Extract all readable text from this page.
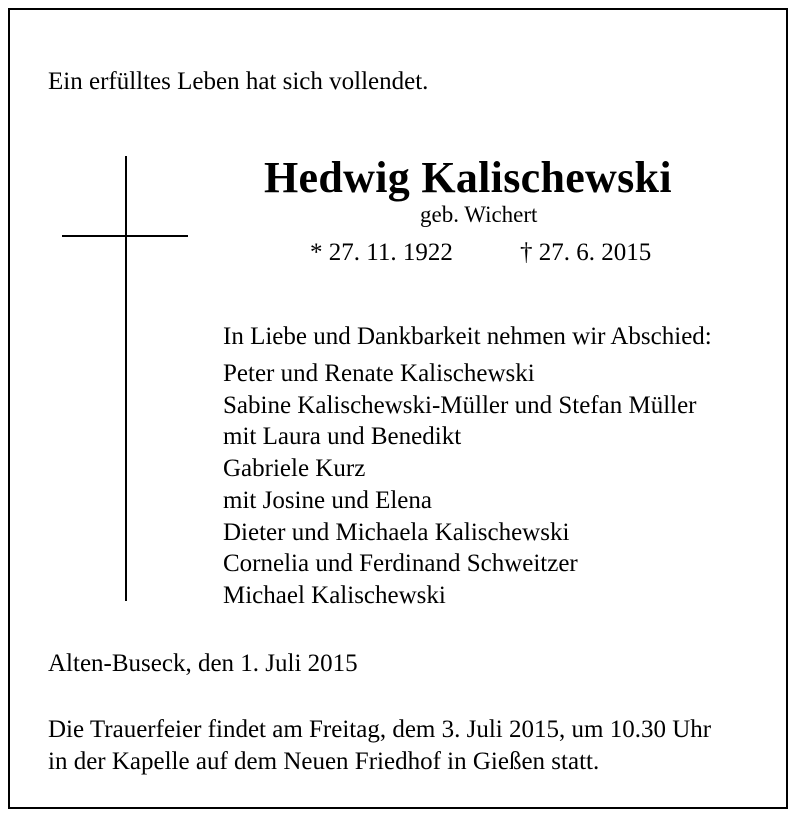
Ein erfülltes Leben hat sich vollendet.
Hedwig Kalischewski
geb. Wichert
* 27. 11. 1922	† 27. 6. 2015
In Liebe und Dankbarkeit nehmen wir Abschied:
Peter und Renate Kalischewski
Sabine Kalischewski-Müller und Stefan Müller
mit Laura und Benedikt
Gabriele Kurz
mit Josine und Elena
Dieter und Michaela Kalischewski
Cornelia und Ferdinand Schweitzer
Michael Kalischewski
Alten-Buseck, den 1. Juli 2015
Die Trauerfeier findet am Freitag, dem 3. Juli 2015, um 10.30 Uhr
in der Kapelle auf dem Neuen Friedhof in Gießen statt.
